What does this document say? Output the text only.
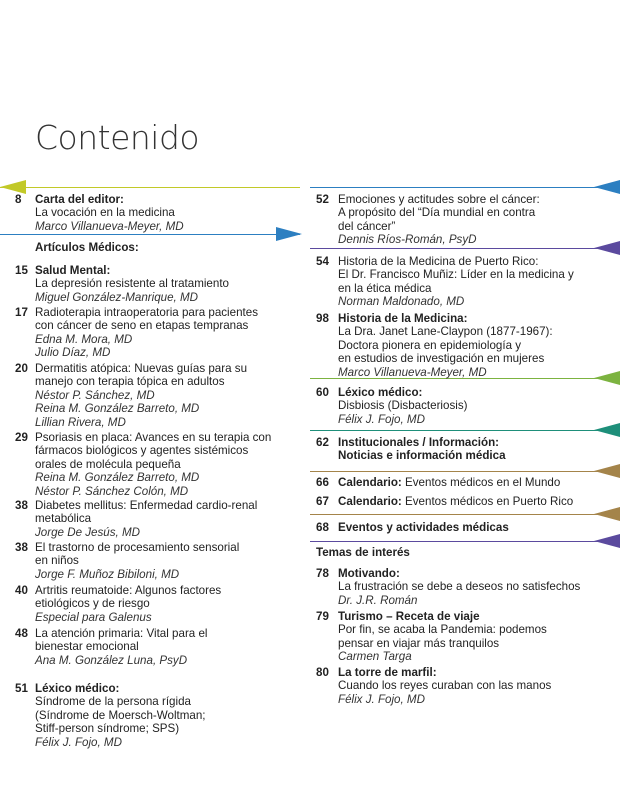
Contenido
8	Carta del editor:
La vocación en la medicina
Marco Villanueva-Meyer, MD
Artículos Médicos:
15 Salud Mental:
La depresión resistente al tratamiento
Miguel González-Manrique, MD
17 Radioterapia intraoperatoria para pacientes
con cáncer de seno en etapas tempranas
Edna M. Mora, MD
Julio Díaz, MD
20 Dermatitis atópica: Nuevas guías para su
manejo con terapia tópica en adultos
Néstor P. Sánchez, MD
Reina M. González Barreto, MD
Lillian Rivera, MD
29 Psoriasis en placa: Avances en su terapia con
fármacos biológicos y agentes sistémicos
orales de molécula pequeña
Reina M. González Barreto, MD
Néstor P. Sánchez Colón, MD
38 Diabetes mellitus: Enfermedad cardio-renal
metabólica
Jorge De Jesús, MD
38 El trastorno de procesamiento sensorial
en niños
Jorge F. Muñoz Bibiloni, MD
40 Artritis reumatoide: Algunos factores
etiológicos y de riesgo
Especial para Galenus
48 La atención primaria: Vital para el
bienestar emocional
Ana M. González Luna, PsyD
51 Léxico médico:
Síndrome de la persona rígida
(Síndrome de Moersch-Woltman;
Stiff-person síndrome; SPS)
Félix J. Fojo, MD
52 Emociones y actitudes sobre el cáncer:
A propósito del “Día mundial en contra
del cáncer”
Dennis Ríos-Román, PsyD
54 Historia de la Medicina de Puerto Rico:
El Dr. Francisco Muñiz: Líder en la medicina y
en la ética médica
Norman Maldonado, MD
98 Historia de la Medicina:
La Dra. Janet Lane-Claypon (1877-1967):
Doctora pionera en epidemiología y
en estudios de investigación en mujeres
Marco Villanueva-Meyer, MD
60 Léxico médico:
Disbiosis (Disbacteriosis)
Félix J. Fojo, MD
62 Institucionales / Información:
Noticias e información médica
66 Calendario: Eventos médicos en el Mundo
67 Calendario: Eventos médicos en Puerto Rico
68 Eventos y actividades médicas
Temas de interés
78 Motivando:
La frustración se debe a deseos no satisfechos
Dr. J.R. Román
79 Turismo – Receta de viaje
Por fin, se acaba la Pandemia: podemos
pensar en viajar más tranquilos
Carmen Targa
80 La torre de marfil:
Cuando los reyes curaban con las manos
Félix J. Fojo, MD
